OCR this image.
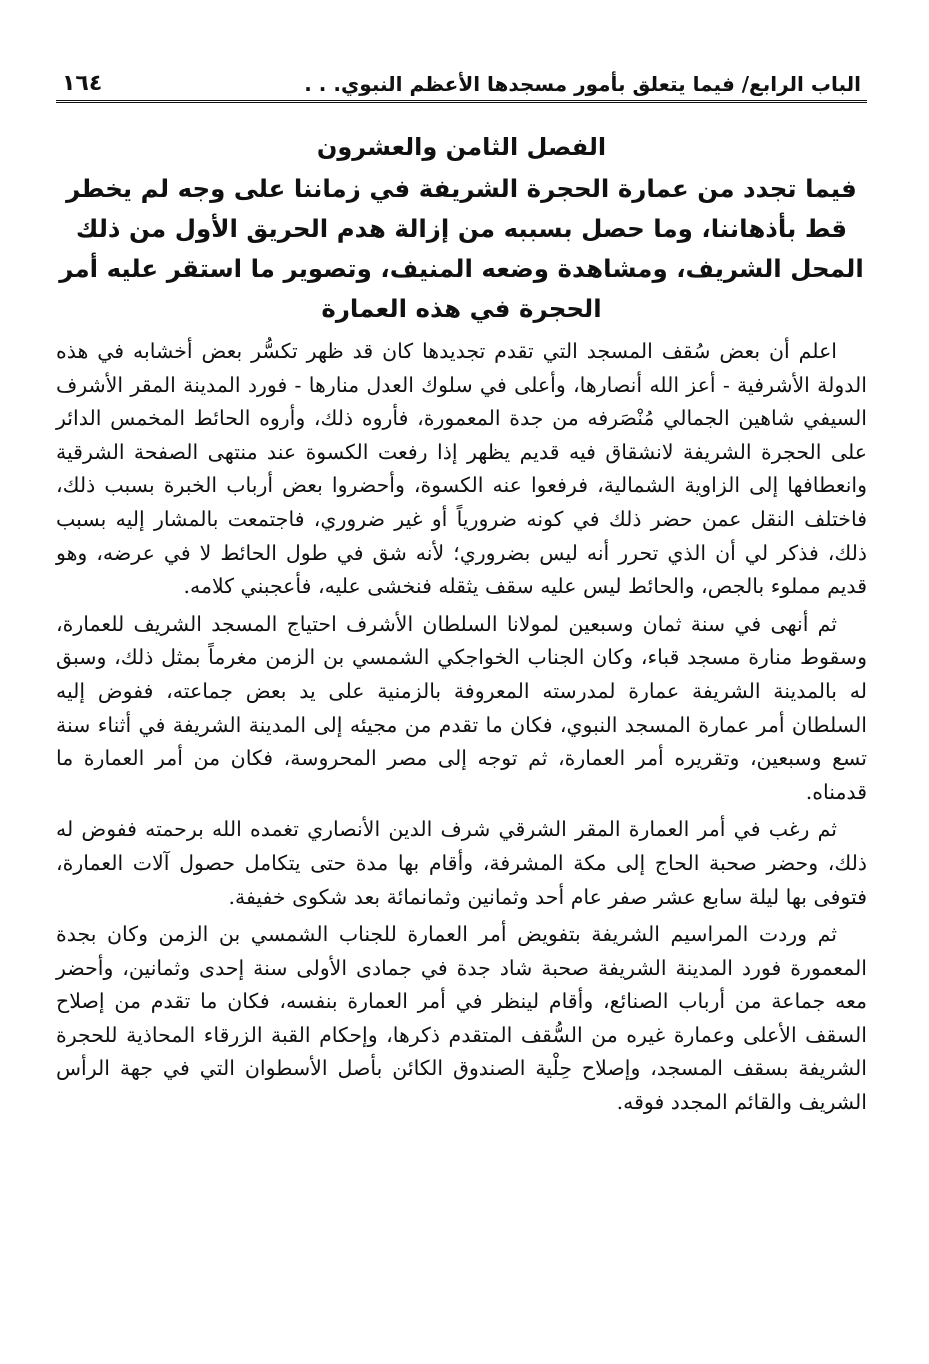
الباب الرابع/ فيما يتعلق بأمور مسجدها الأعظم النبوي. . .
١٦٤
الفصل الثامن والعشرون
فيما تجدد من عمارة الحجرة الشريفة في زماننا على وجه لم يخطر قط بأذهاننا، وما حصل بسببه من إزالة هدم الحريق الأول من ذلك المحل الشريف، ومشاهدة وضعه المنيف، وتصوير ما استقر عليه أمر الحجرة في هذه العمارة

اعلم أن بعض سُقف المسجد التي تقدم تجديدها كان قد ظهر تكسُّر بعض أخشابه في هذه الدولة الأشرفية - أعز الله أنصارها، وأعلى في سلوك العدل منارها - فورد المدينة المقر الأشرف السيفي شاهين الجمالي مُنْصَرفه من جدة المعمورة، فأروه ذلك، وأروه الحائط المخمس الدائر على الحجرة الشريفة لانشقاق فيه قديم يظهر إذا رفعت الكسوة عند منتهى الصفحة الشرقية وانعطافها إلى الزاوية الشمالية، فرفعوا عنه الكسوة، وأحضروا بعض أرباب الخبرة بسبب ذلك، فاختلف النقل عمن حضر ذلك في كونه ضرورياً أو غير ضروري، فاجتمعت بالمشار إليه بسبب ذلك، فذكر لي أن الذي تحرر أنه ليس بضروري؛ لأنه شق في طول الحائط لا في عرضه، وهو قديم مملوء بالجص، والحائط ليس عليه سقف يثقله فنخشى عليه، فأعجبني كلامه.

ثم أنهى في سنة ثمان وسبعين لمولانا السلطان الأشرف احتياج المسجد الشريف للعمارة، وسقوط منارة مسجد قباء، وكان الجناب الخواجكي الشمسي بن الزمن مغرماً بمثل ذلك، وسبق له بالمدينة الشريفة عمارة لمدرسته المعروفة بالزمنية على يد بعض جماعته، ففوض إليه السلطان أمر عمارة المسجد النبوي، فكان ما تقدم من مجيئه إلى المدينة الشريفة في أثناء سنة تسع وسبعين، وتقريره أمر العمارة، ثم توجه إلى مصر المحروسة، فكان من أمر العمارة ما قدمناه.

ثم رغب في أمر العمارة المقر الشرقي شرف الدين الأنصاري تغمده الله برحمته ففوض له ذلك، وحضر صحبة الحاج إلى مكة المشرفة، وأقام بها مدة حتى يتكامل حصول آلات العمارة، فتوفى بها ليلة سابع عشر صفر عام أحد وثمانين وثمانمائة بعد شكوى خفيفة.

ثم وردت المراسيم الشريفة بتفويض أمر العمارة للجناب الشمسي بن الزمن وكان بجدة المعمورة فورد المدينة الشريفة صحبة شاد جدة في جمادى الأولى سنة إحدى وثمانين، وأحضر معه جماعة من أرباب الصنائع، وأقام لينظر في أمر العمارة بنفسه، فكان ما تقدم من إصلاح السقف الأعلى وعمارة غيره من السُّقف المتقدم ذكرها، وإحكام القبة الزرقاء المحاذية للحجرة الشريفة بسقف المسجد، وإصلاح حِلْية الصندوق الكائن بأصل الأسطوان التي في جهة الرأس الشريف والقائم المجدد فوقه.
